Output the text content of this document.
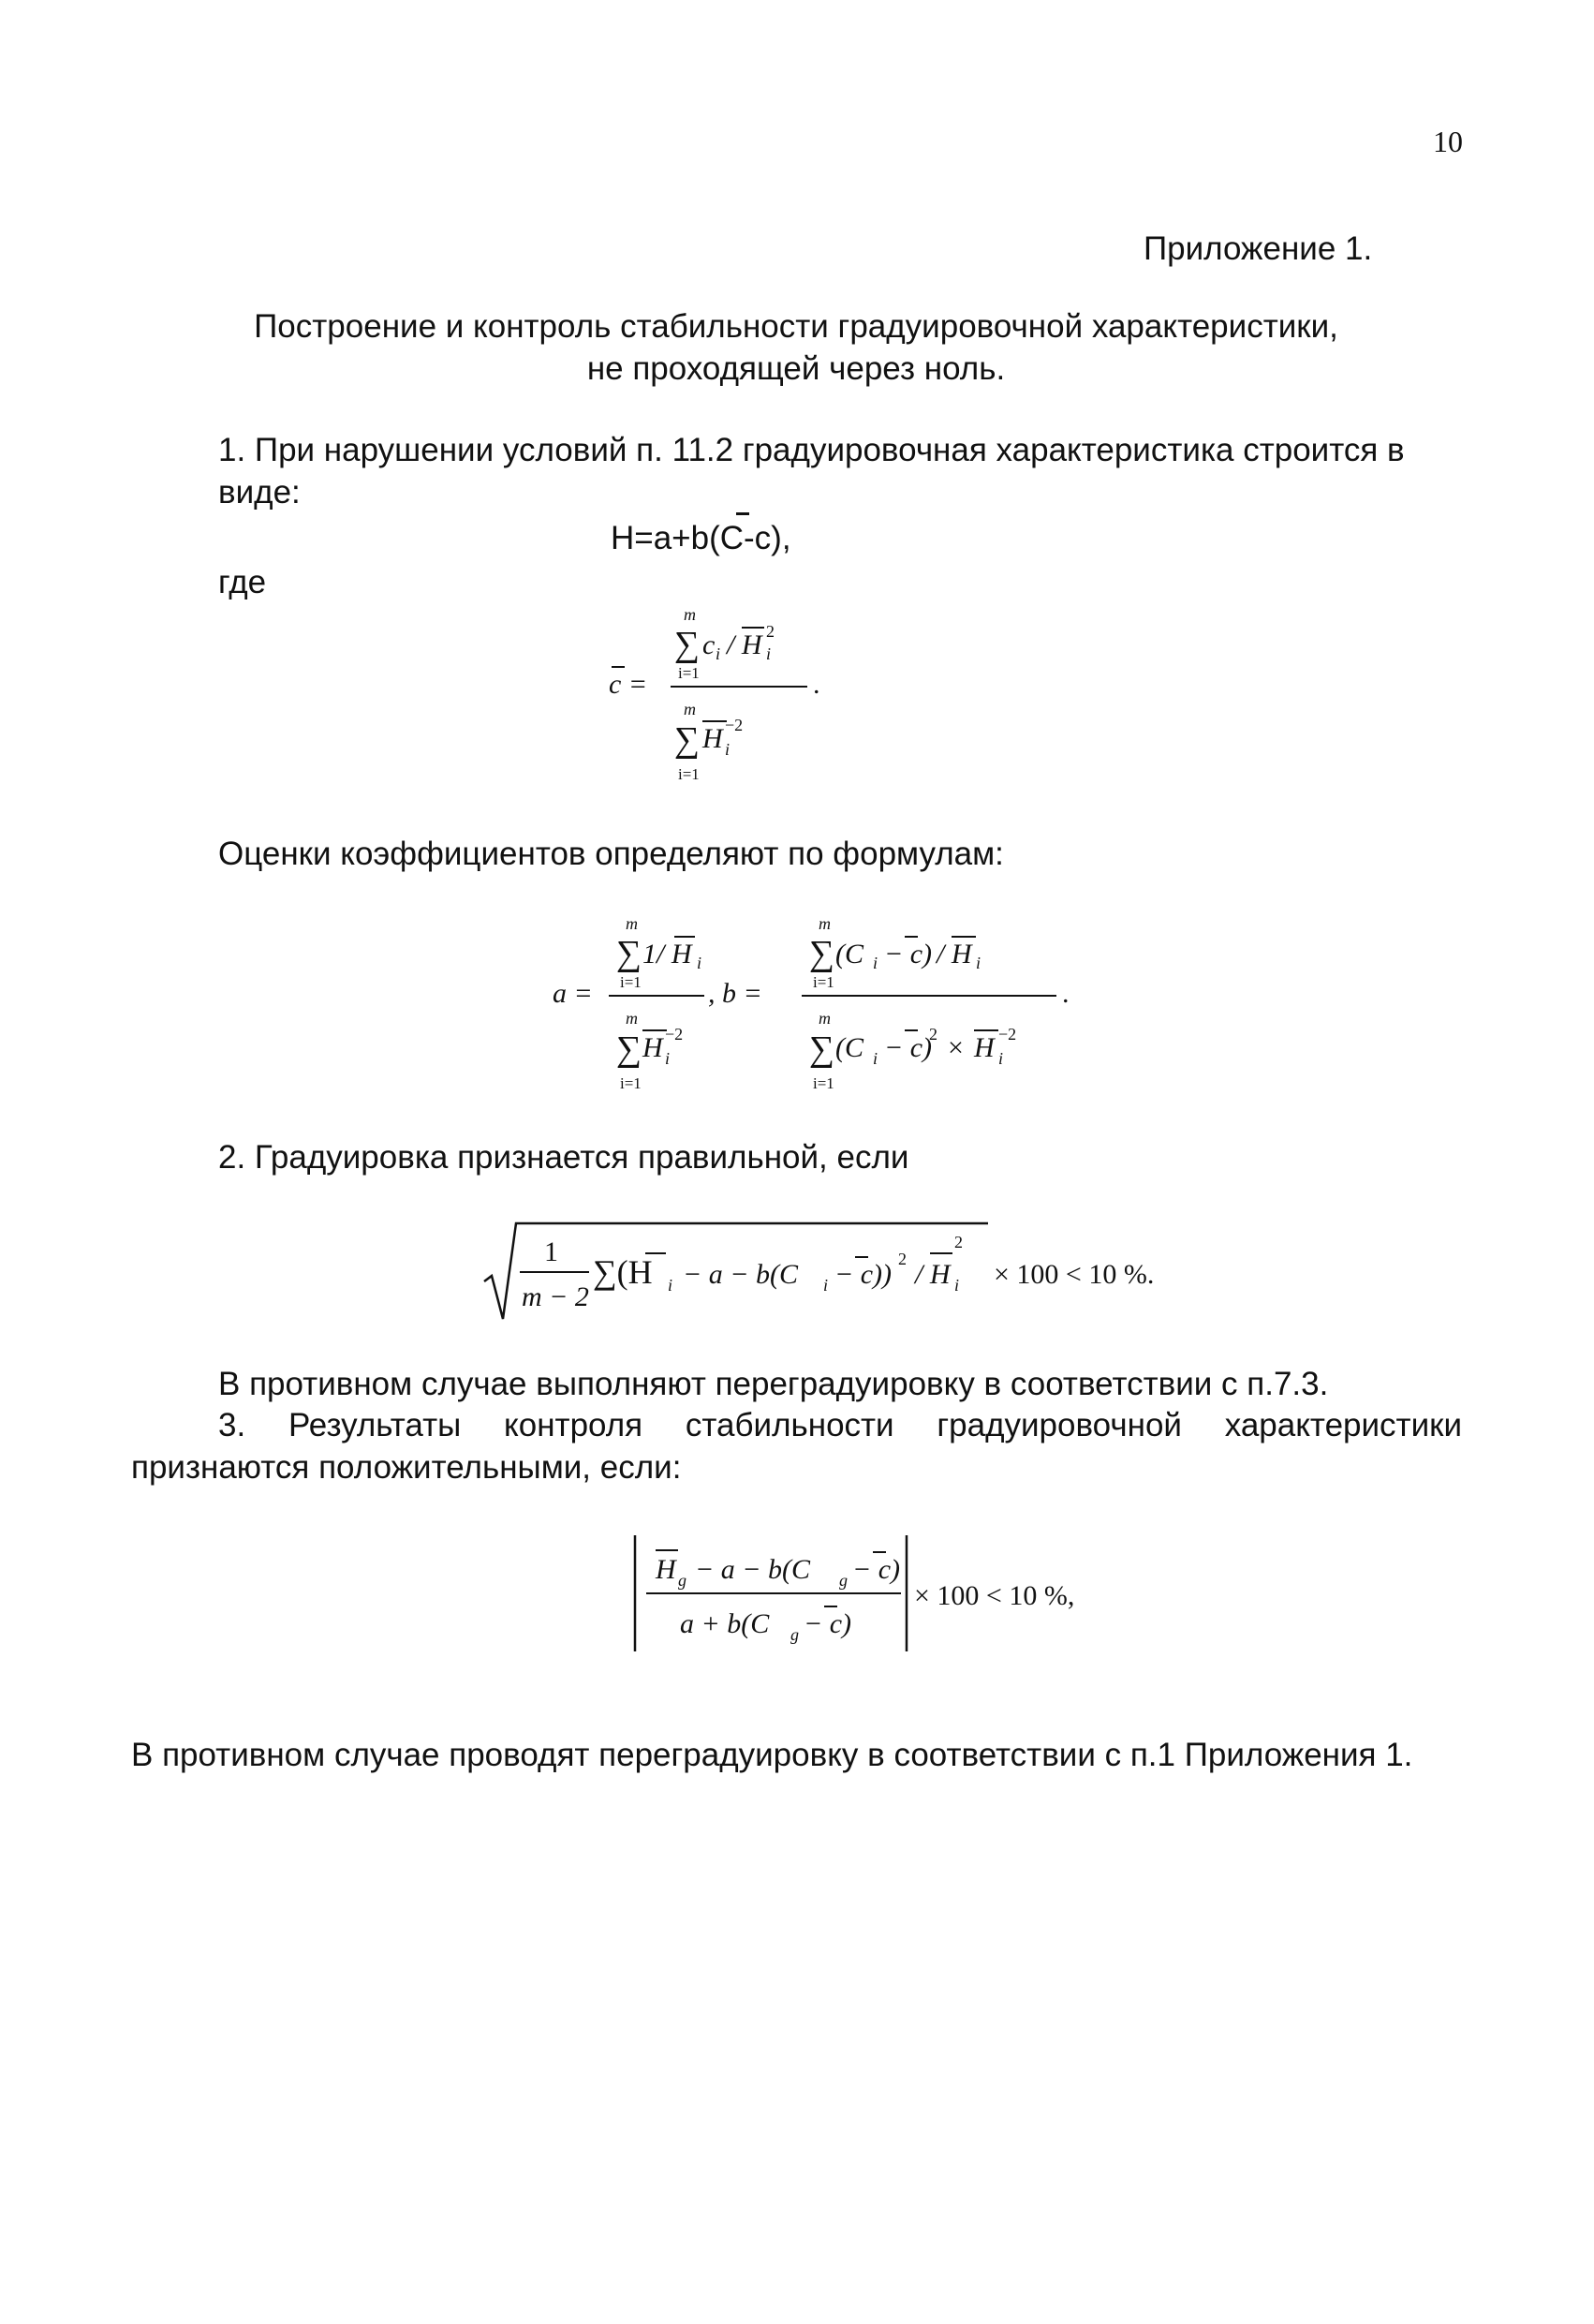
10
Приложение 1.
Построение и контроль стабильности градуировочной характеристики,
не проходящей через ноль.
1. При нарушении условий п. 11.2 градуировочная характеристика строится в
виде:
H=a+b(C-c),
где
m
∑ c i / H i
2
i=1
c =	.
m
∑ H i
−2
i=1
Оценки коэффициентов определяют по формулам:
m
∑ 1/ H i
i=1
a =
m
∑ H i
−2
i=1
, b =	.
m
∑ (C i − c) / H i
i=1
m
∑ (C i − c)
2 × H i
−2
i=1
2. Градуировка признается правильной, если
1
m − 2
∑(H i − a − b(C i − c)) 2 / H i
2
× 100 < 10 %.
В противном случае выполняют переградуировку в соответствии с п.7.3.
3. Результаты контроля стабильности градуировочной характеристики
признаются положительными, если:
H g − a − b(C g − c)
a + b(C g − c)
× 100 < 10 %,
В противном случае проводят переградуировку в соответствии с п.1 Приложения 1.
